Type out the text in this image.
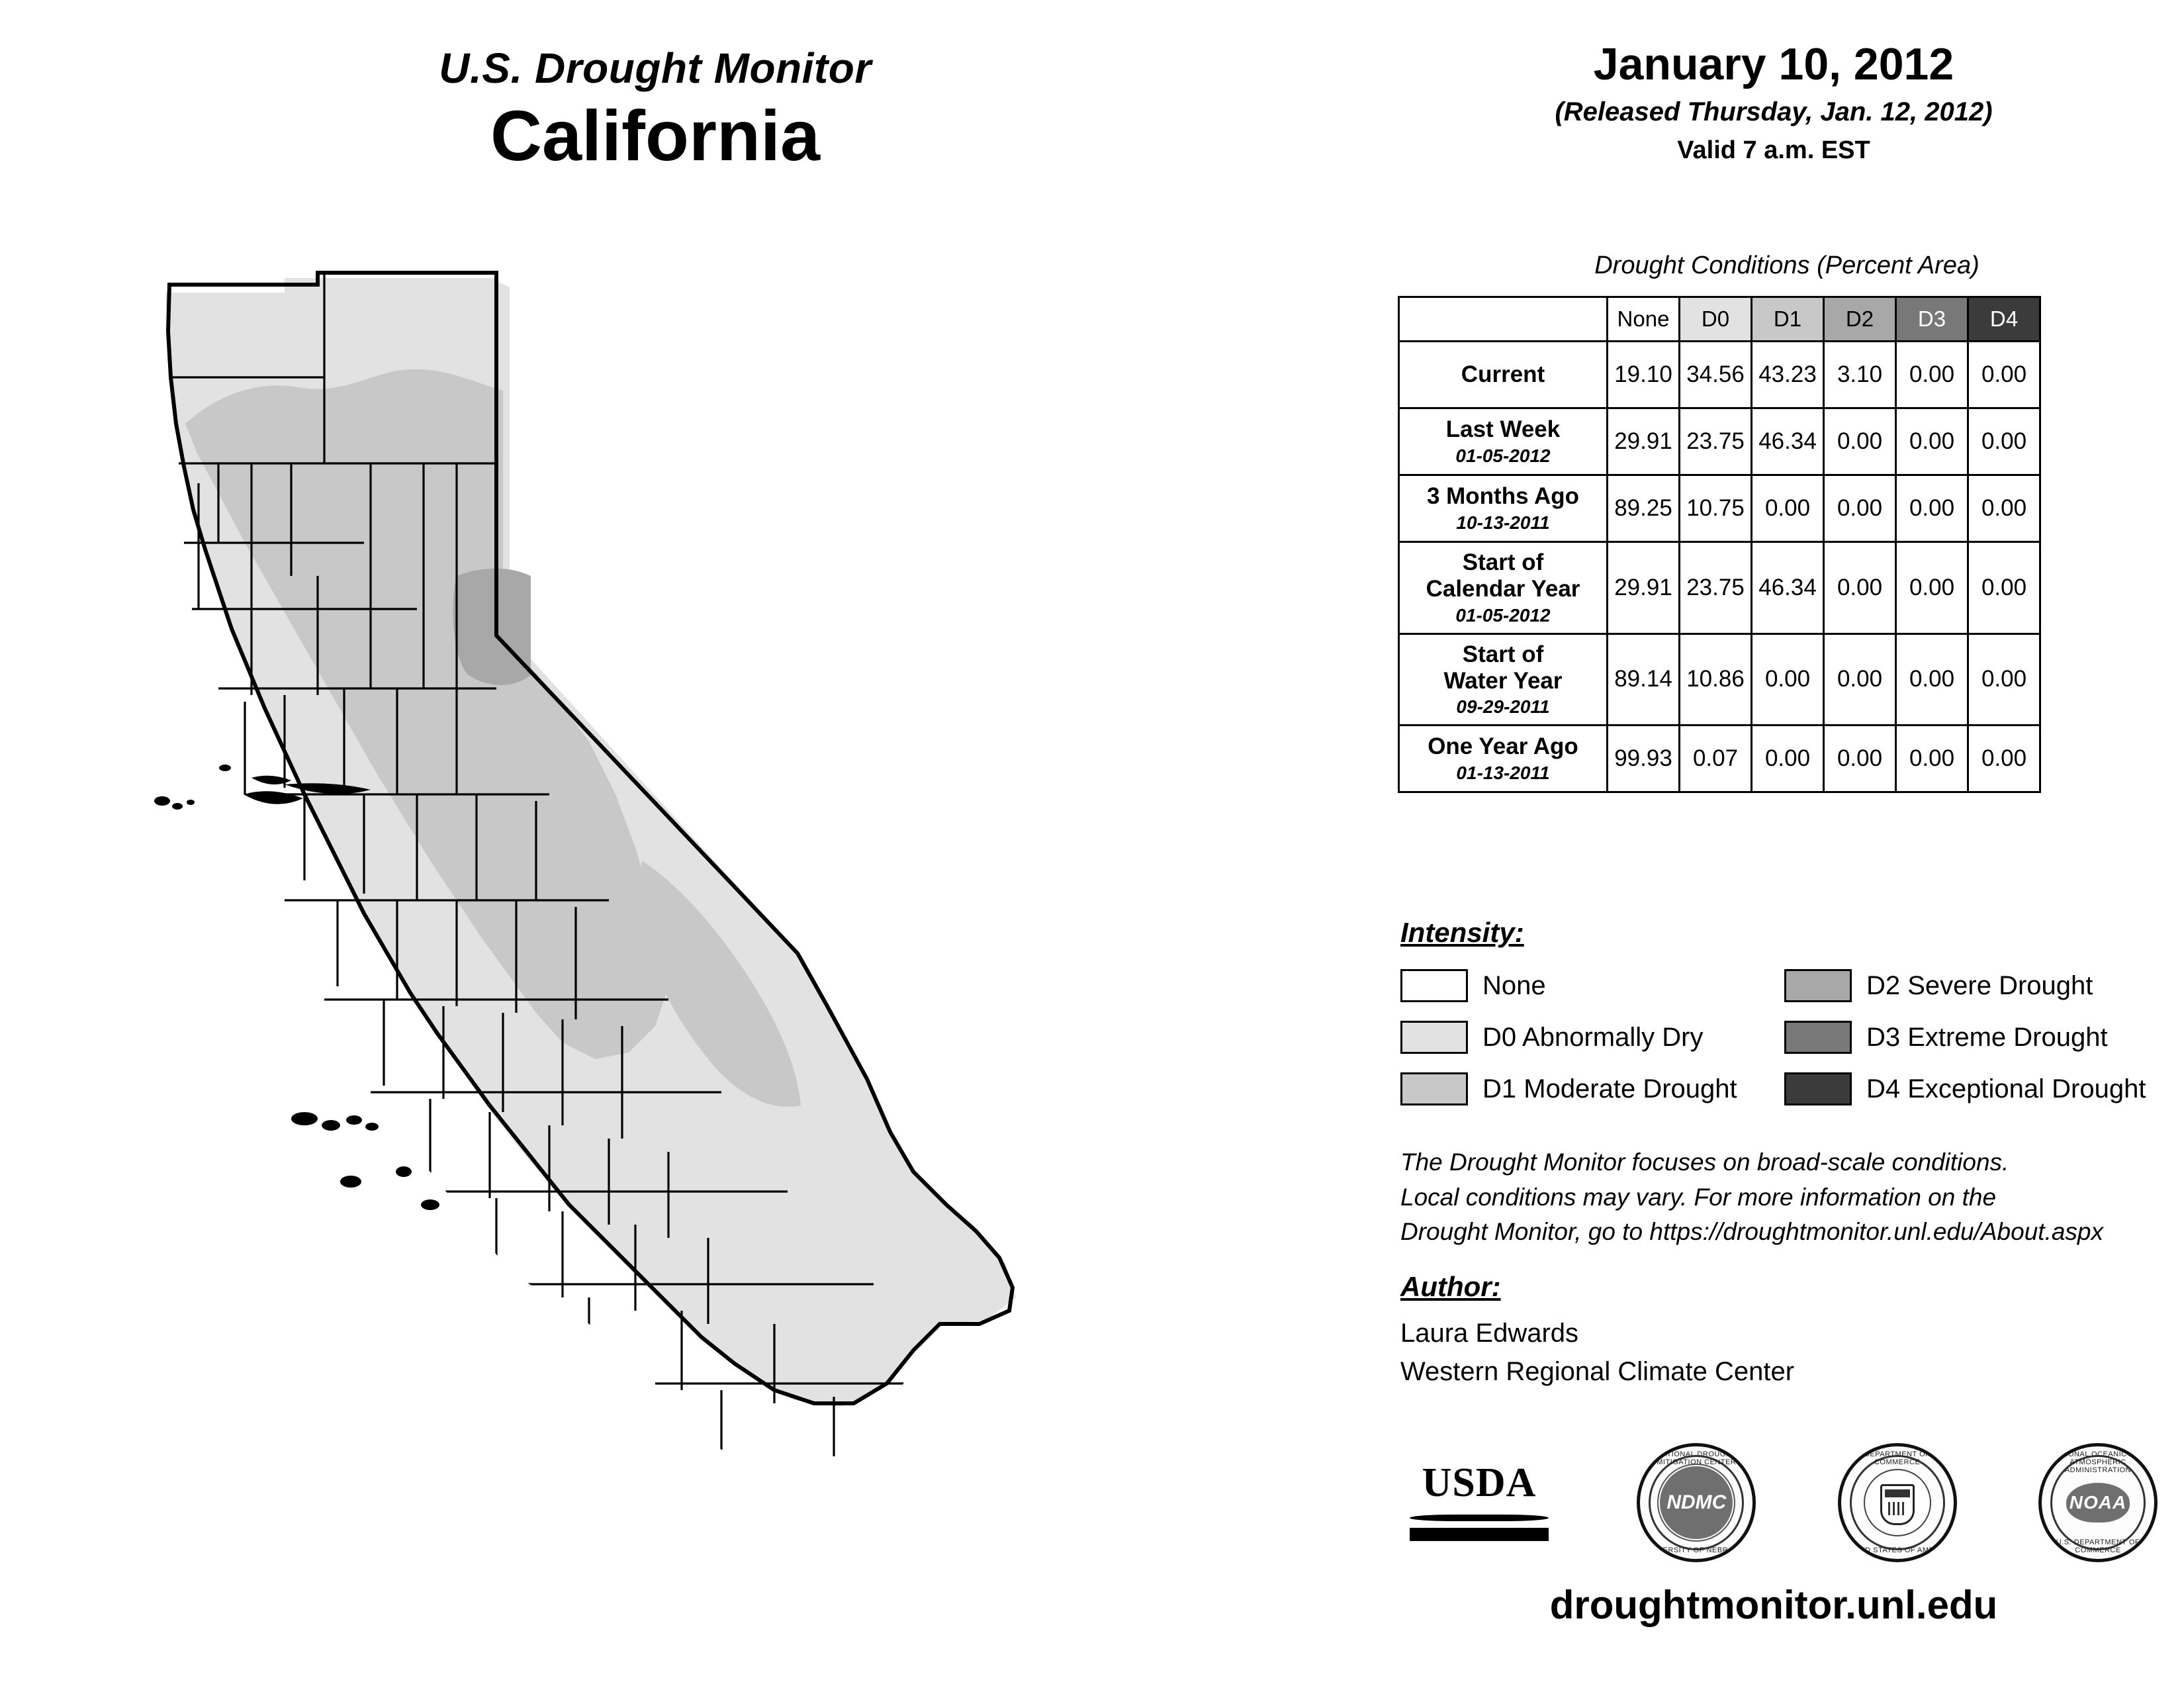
U.S. Drought Monitor
California
January 10, 2012
(Released Thursday, Jan. 12, 2012)
Valid 7 a.m. EST
Drought Conditions (Percent Area)
	None	D0	D1	D2	D3	D4

Current	19.10	34.56	43.23	3.10	0.00	0.00

Last Week
01-05-2012	29.91	23.75	46.34	0.00	0.00	0.00

3 Months Ago
10-13-2011	89.25	10.75	0.00	0.00	0.00	0.00

Start of
Calendar Year
01-05-2012	29.91	23.75	46.34	0.00	0.00	0.00

Start of
Water Year
09-29-2011	89.14	10.86	0.00	0.00	0.00	0.00

One Year Ago
01-13-2011	99.93	0.07	0.00	0.00	0.00	0.00
Intensity:
None	D2 Severe Drought
D0 Abnormally Dry	D3 Extreme Drought
D1 Moderate Drought	D4 Exceptional Drought
The Drought Monitor focuses on broad-scale conditions.
Local conditions may vary. For more information on the
Drought Monitor, go to https://droughtmonitor.unl.edu/About.aspx
Author:
Laura Edwards
Western Regional Climate Center
USDA
NATIONAL DROUGHT MITIGATION CENTER
UNIVERSITY OF NEBRASKA
NDMC
DEPARTMENT OF COMMERCE
UNITED STATES OF AMERICA
NATIONAL OCEANIC AND ATMOSPHERIC ADMINISTRATION
U.S. DEPARTMENT OF COMMERCE
NOAA
droughtmonitor.unl.edu
